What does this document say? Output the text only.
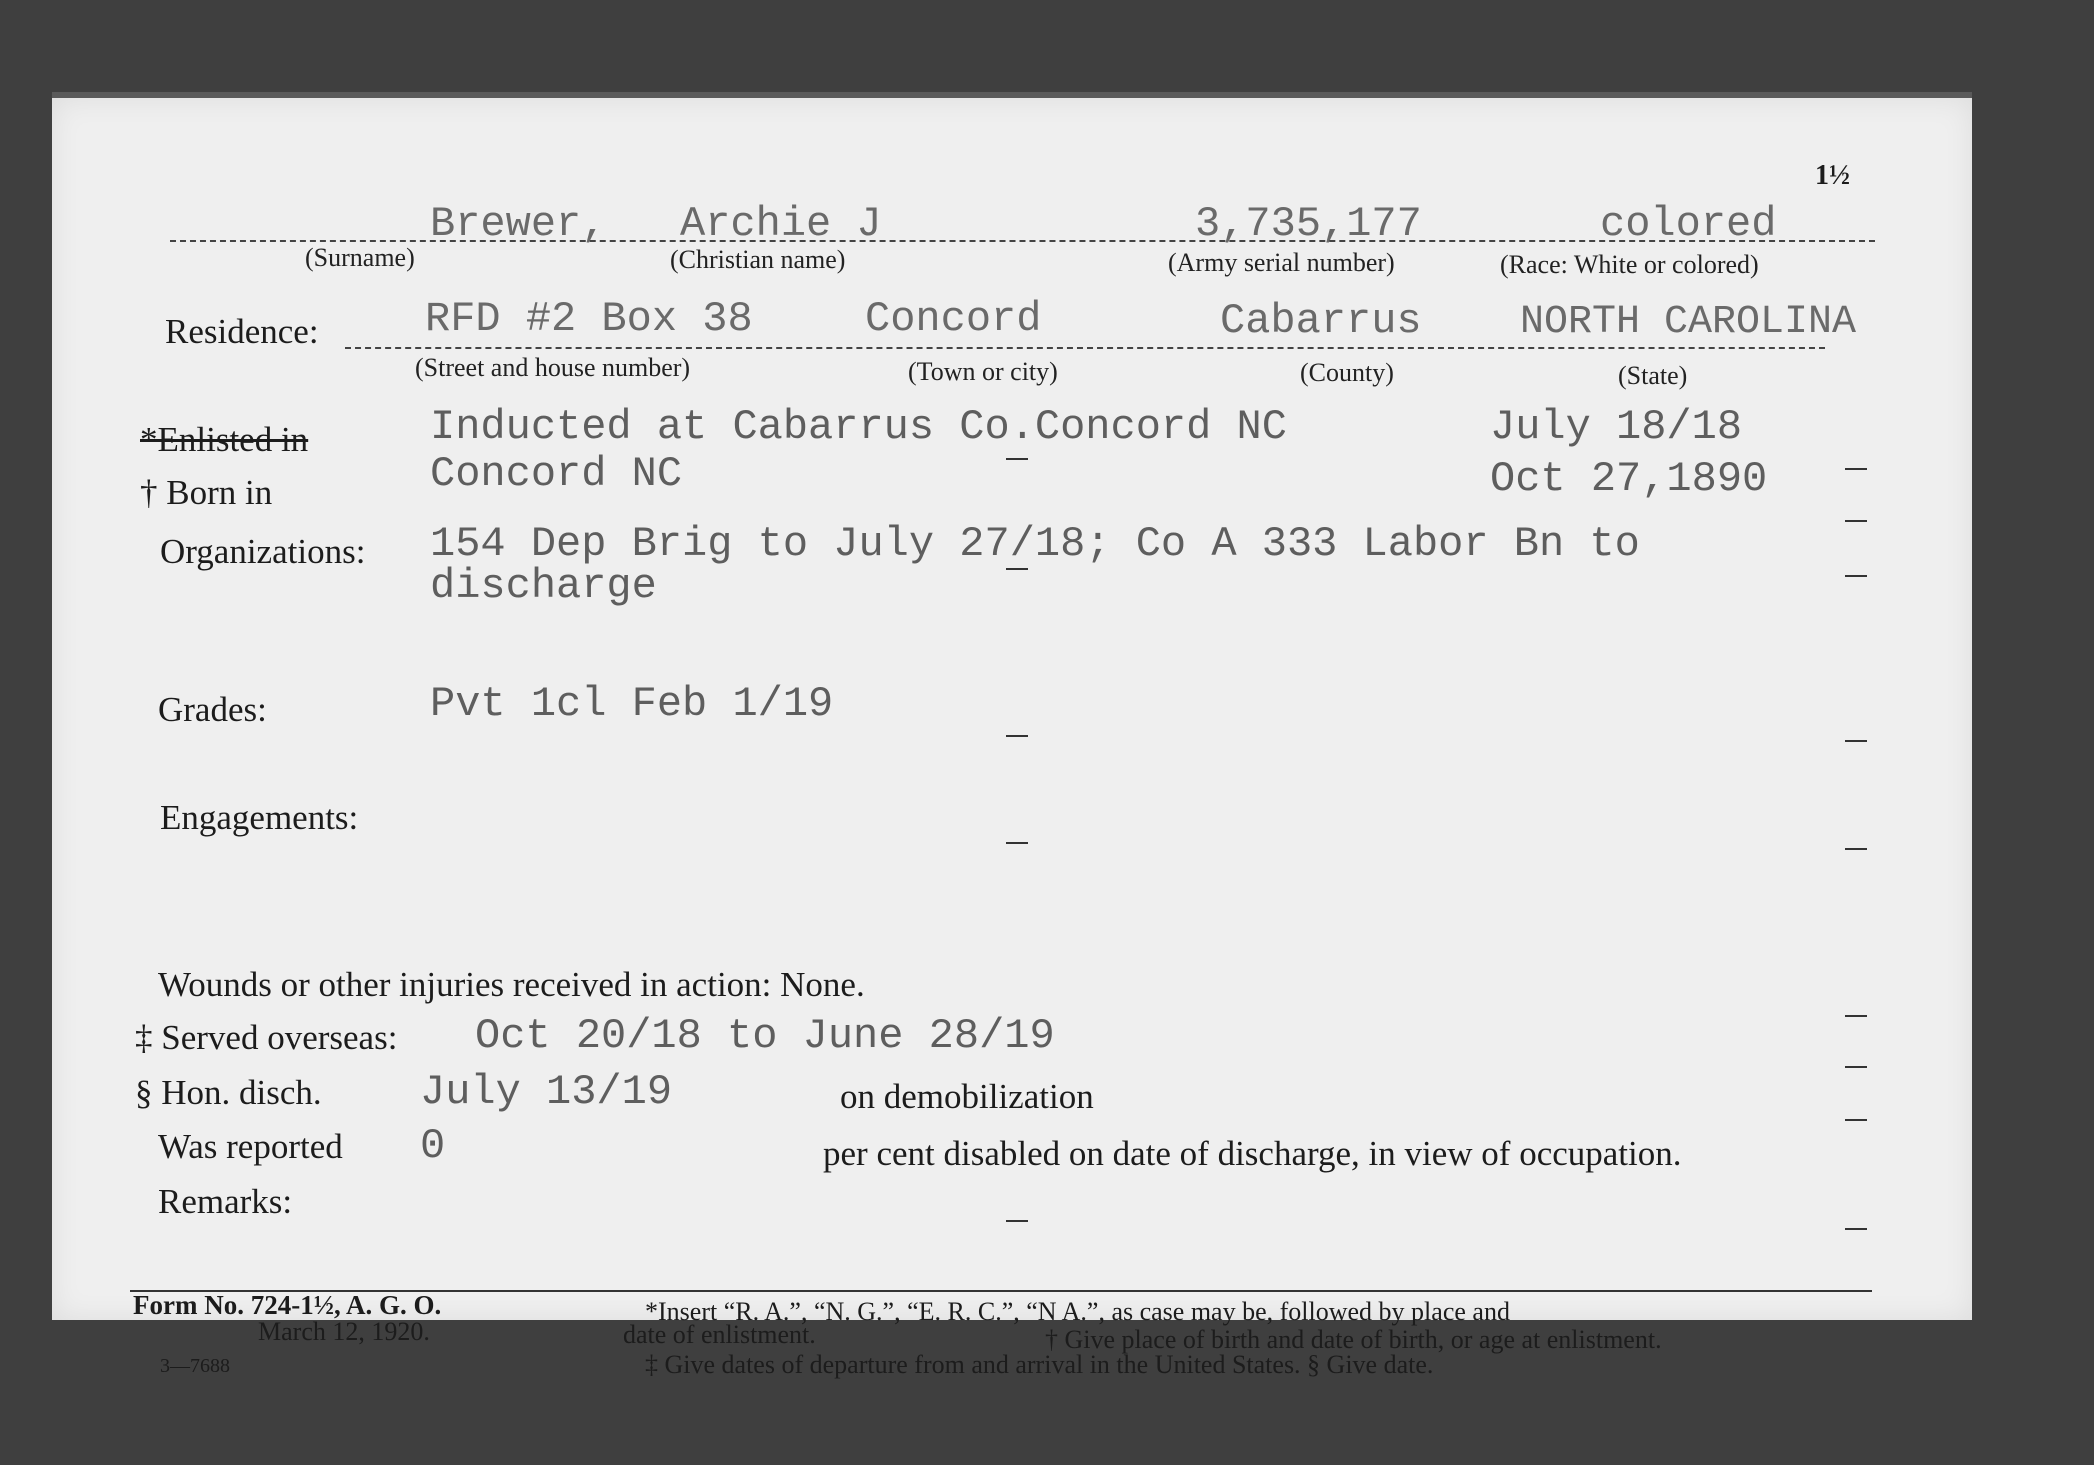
1½
Brewer, Archie J	3,735,177	colored
(Surname)	(Christian name)	(Army serial number)	(Race: White or colored)
Residence:	RFD #2 Box 38	Concord	Cabarrus NORTH CAROLINA
(Street and house number)	(Town or city)	(County)	(State)
*Enlisted in	Inducted at Cabarrus Co.Concord NC	July 18/18
† Born in	Concord NC	Oct 27,1890
Organizations: 154 Dep Brig to July 27/18; Co A 333 Labor Bn to
discharge
Grades:	Pvt 1cl Feb 1/19
Engagements:
Wounds or other injuries received in action: None.
‡ Served overseas: Oct 20/18 to June 28/19
§ Hon. disch. July 13/19	on demobilization
Was reported 0	per cent disabled on date of discharge, in view of occupation.
Remarks:
Form No. 724-1½, A. G. O.
March 12, 1920.
3—7688
*Insert “R. A.”, “N. G.”, “E. R. C.”, “N A.”, as case may be, followed by place and
date of enlistment.	† Give place of birth and date of birth, or age at enlistment.
‡ Give dates of departure from and arrival in the United States. § Give date.
